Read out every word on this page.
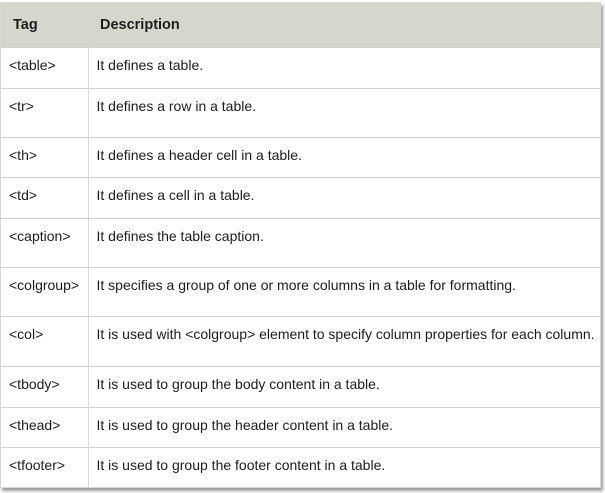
Tag	Description
<table>	It defines a table.
<tr>	It defines a row in a table.
<th>	It defines a header cell in a table.
<td>	It defines a cell in a table.
<caption>	It defines the table caption.
<colgroup>	It specifies a group of one or more columns in a table for formatting.
<col>	It is used with <colgroup> element to specify column properties for each column.
<tbody>	It is used to group the body content in a table.
<thead>	It is used to group the header content in a table.
<tfooter>	It is used to group the footer content in a table.
